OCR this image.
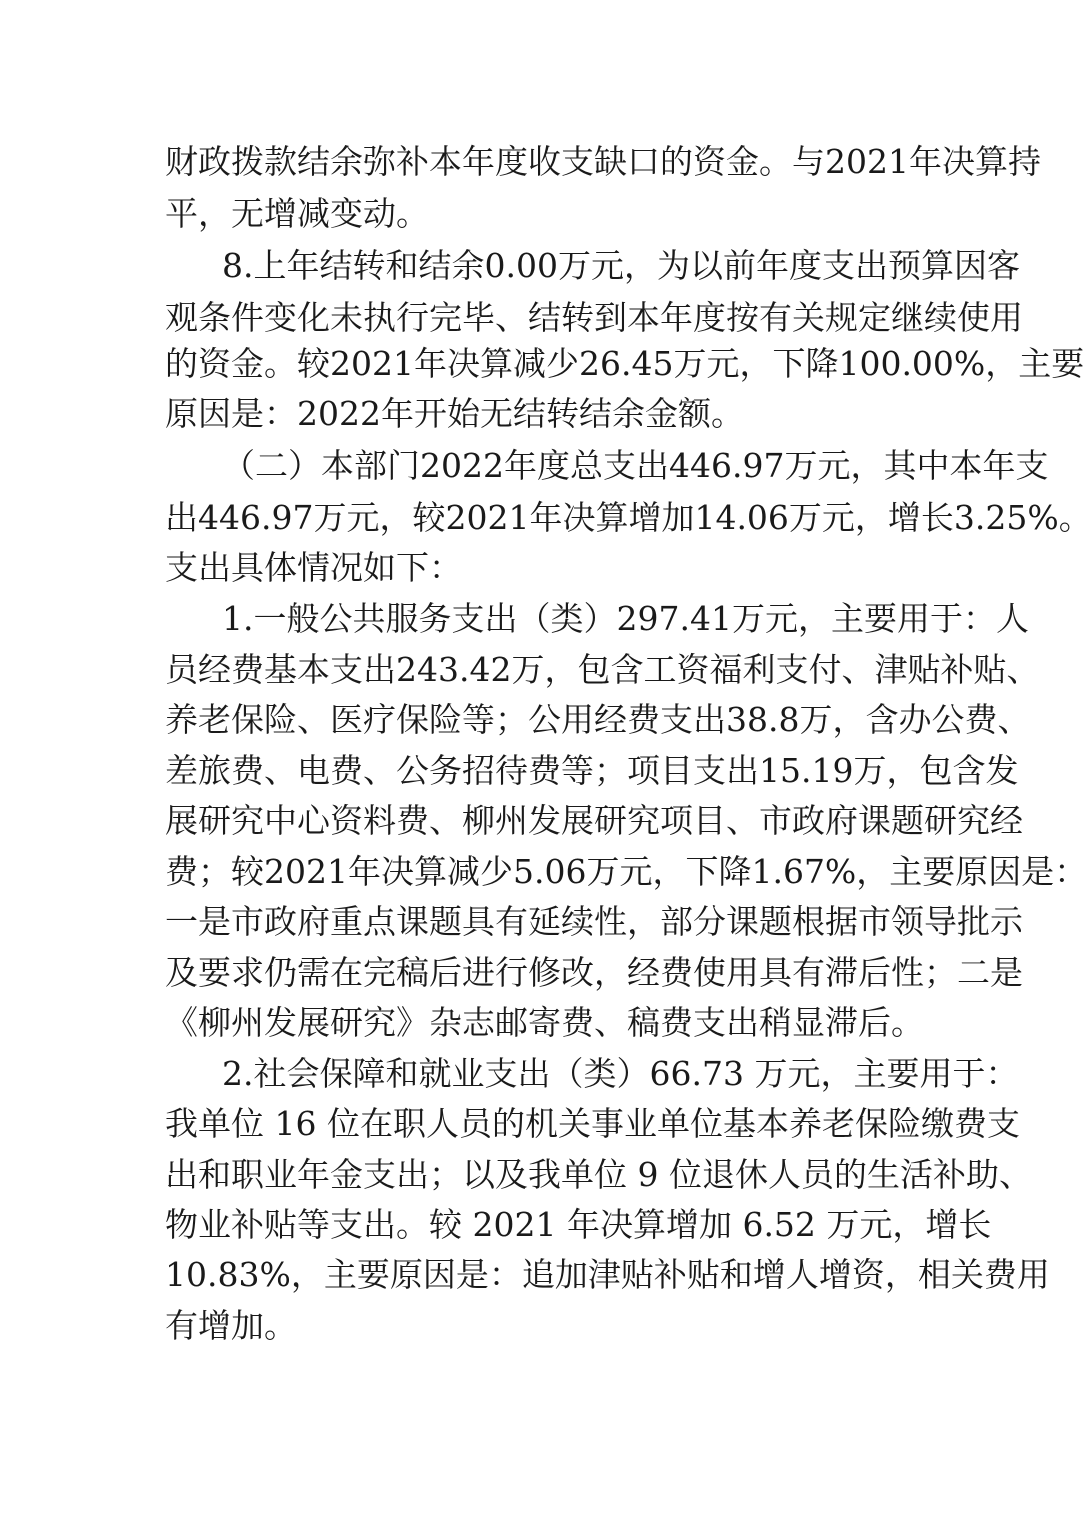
财政拨款结余弥补本年度收支缺口的资金。与2021年决算持
平，无增减变动。
8.上年结转和结余0.00万元，为以前年度支出预算因客
观条件变化未执行完毕、结转到本年度按有关规定继续使用
的资金。较2021年决算减少26.45万元，下降100.00%，主要
原因是：2022年开始无结转结余金额。
（二）本部门2022年度总支出446.97万元，其中本年支
出446.97万元，较2021年决算增加14.06万元，增长3.25%。
支出具体情况如下：
1.一般公共服务支出（类）297.41万元，主要用于：人
员经费基本支出243.42万，包含工资福利支付、津贴补贴、
养老保险、医疗保险等；公用经费支出38.8万，含办公费、
差旅费、电费、公务招待费等；项目支出15.19万，包含发
展研究中心资料费、柳州发展研究项目、市政府课题研究经
费；较2021年决算减少5.06万元，下降1.67%，主要原因是：
一是市政府重点课题具有延续性，部分课题根据市领导批示
及要求仍需在完稿后进行修改，经费使用具有滞后性；二是
《柳州发展研究》杂志邮寄费、稿费支出稍显滞后。
2.社会保障和就业支出（类）66.73 万元，主要用于：
我单位 16 位在职人员的机关事业单位基本养老保险缴费支
出和职业年金支出；以及我单位 9 位退休人员的生活补助、
物业补贴等支出。较 2021 年决算增加 6.52 万元，增长
10.83%，主要原因是：追加津贴补贴和增人增资，相关费用
有增加。
